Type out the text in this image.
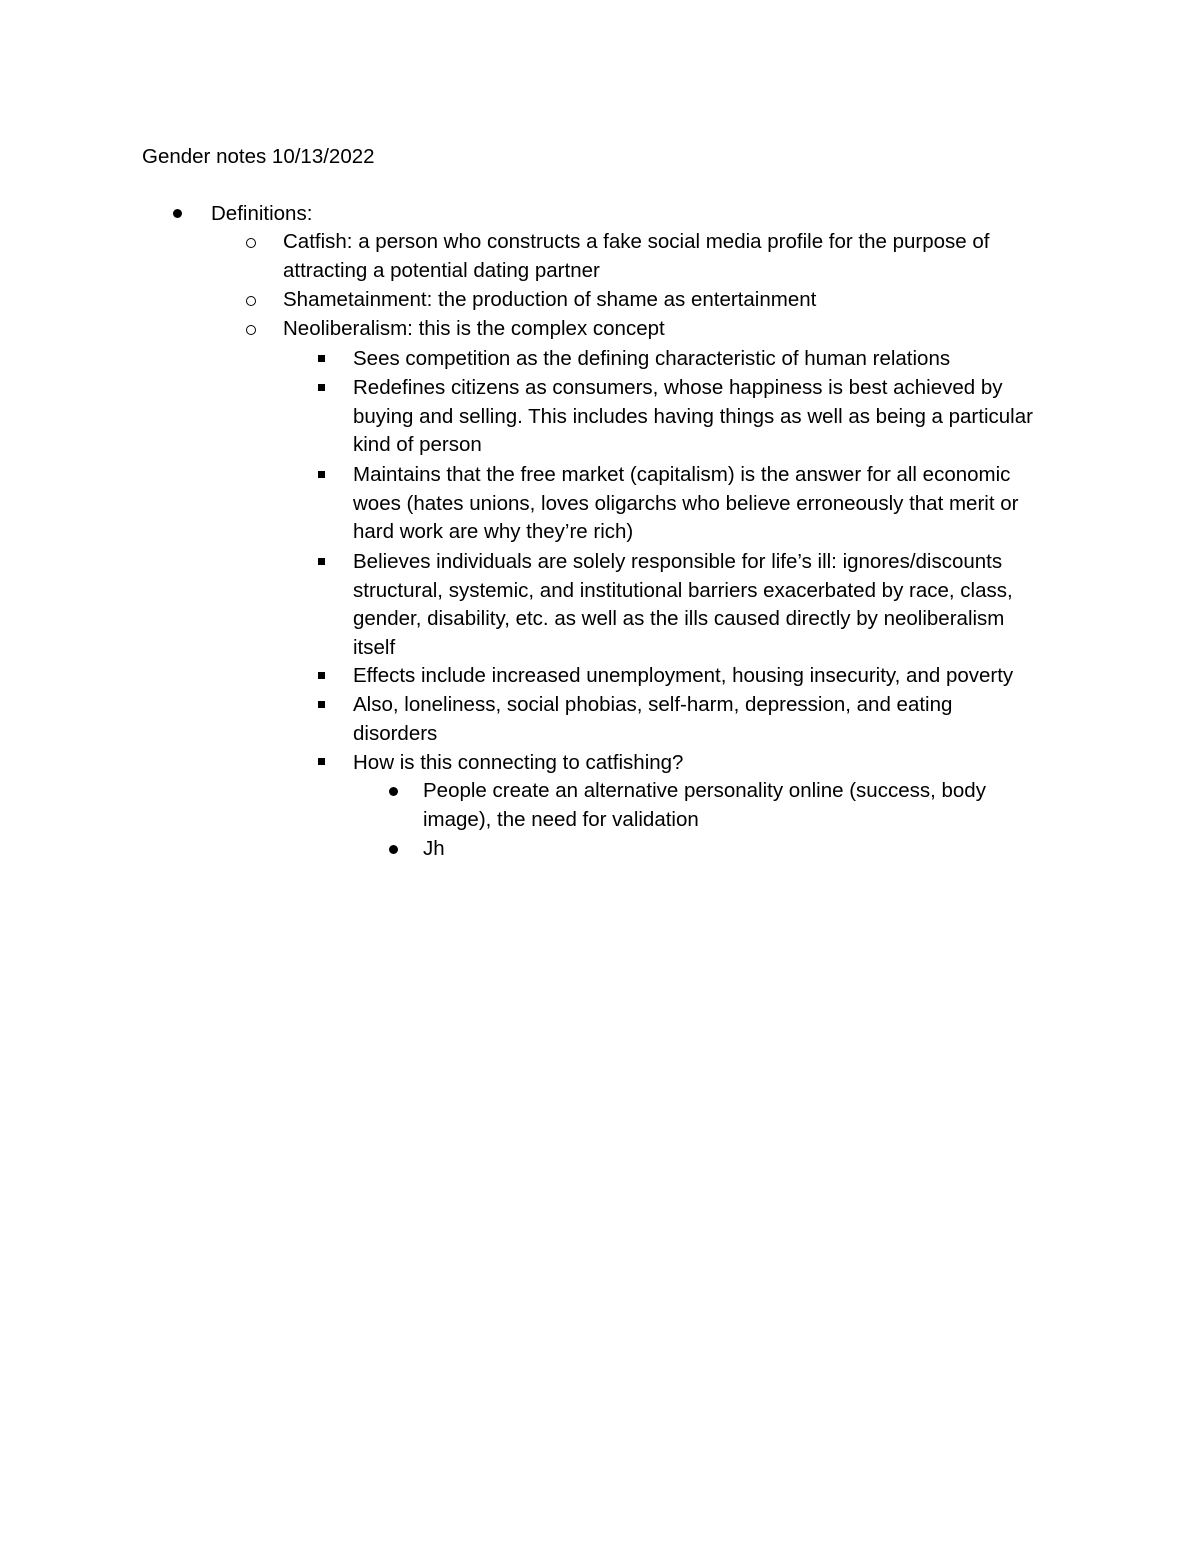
Gender notes 10/13/2022
Definitions:
Catfish: a person who constructs a fake social media profile for the purpose of
attracting a potential dating partner
Shametainment: the production of shame as entertainment
Neoliberalism: this is the complex concept
Sees competition as the defining characteristic of human relations
Redefines citizens as consumers, whose happiness is best achieved by
buying and selling. This includes having things as well as being a particular
kind of person
Maintains that the free market (capitalism) is the answer for all economic
woes (hates unions, loves oligarchs who believe erroneously that merit or
hard work are why they’re rich)
Believes individuals are solely responsible for life’s ill: ignores/discounts
structural, systemic, and institutional barriers exacerbated by race, class,
gender, disability, etc. as well as the ills caused directly by neoliberalism
itself
Effects include increased unemployment, housing insecurity, and poverty
Also, loneliness, social phobias, self-harm, depression, and eating
disorders
How is this connecting to catfishing?
People create an alternative personality online (success, body
image), the need for validation
Jh
